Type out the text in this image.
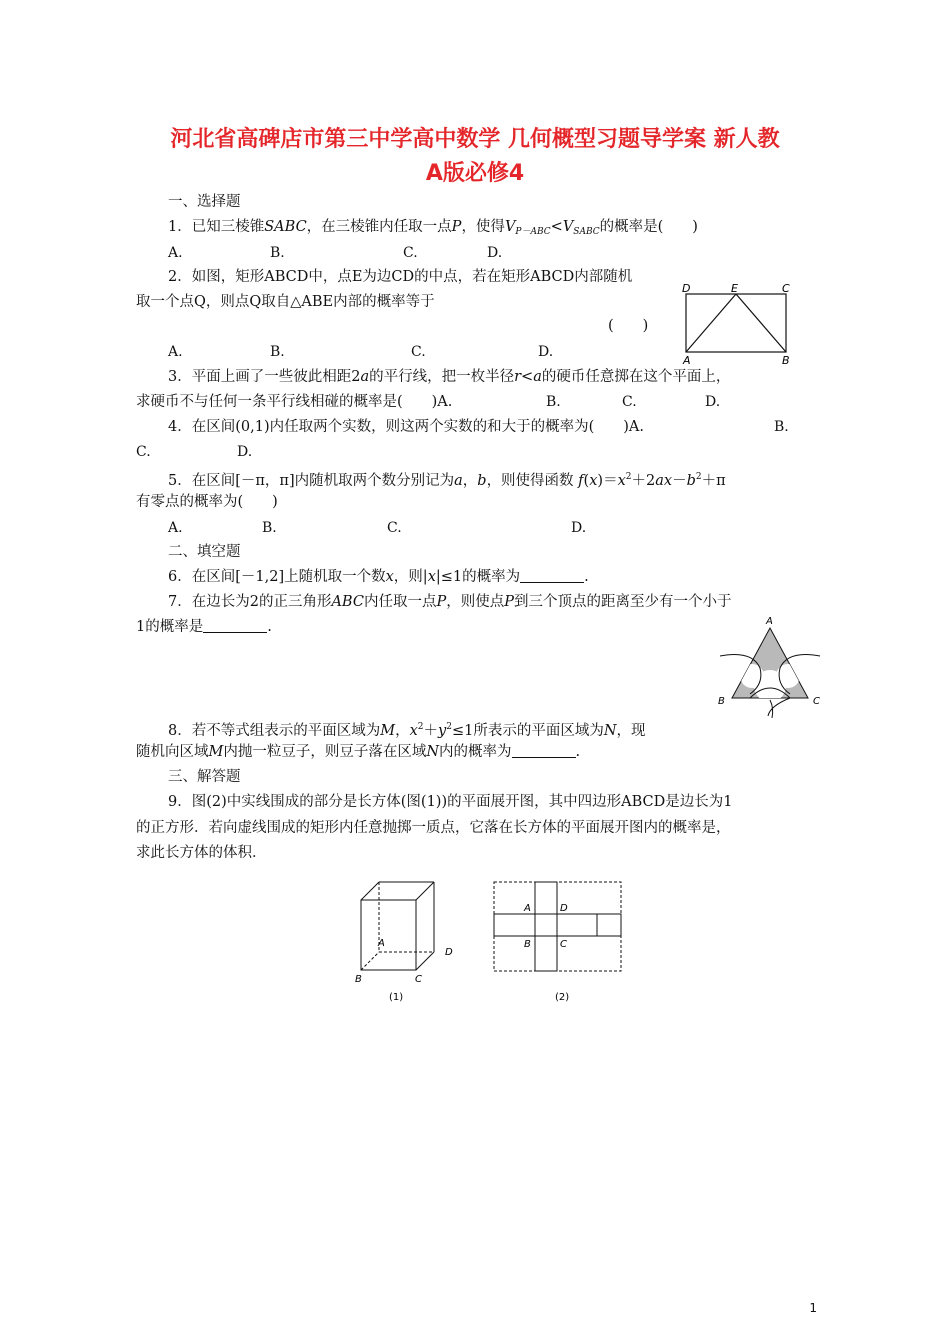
河北省高碑店市第三中学高中数学 几何概型习题导学案 新人教
A版必修4
一、选择题
1．已知三棱锥SABC，在三棱锥内任取一点P，使得$V_{P-ABC}<V_{SABC}$的概率是(　　)
A.	B.	C.	D.
2．如图，矩形ABCD中，点E为边CD的中点，若在矩形ABCD内部随机
取一个点Q，则点Q取自△ABE内部的概率等于
(　　)
A.	B.	C.	D.
D	E	C
A	B
3．平面上画了一些彼此相距2a的平行线，把一枚半径r<a的硬币任意掷在这个平面上，
求硬币不与任何一条平行线相碰的概率是(　　)A.	B.	C.	D.
4．在区间(0,1)内任取两个实数，则这两个实数的和大于的概率为(　　)A.	B.
C.	D.
5．在区间[－π，π]内随机取两个数分别记为a，b，则使得函数 $f(x)=x^2+2ax-b^2+\pi$
有零点的概率为(　　)
A.	B.	C.	D.
二、填空题
6．在区间[－1,2]上随机取一个数x，则|x|≤1的概率为	.
7．在边长为2的正三角形ABC内任取一点P，则使点P到三个顶点的距离至少有一个小于
1的概率是	.	A
B	C
8．若不等式组表示的平面区域为M，$x^2+y^2\le 1$所表示的平面区域为N，现
随机向区域M内抛一粒豆子，则豆子落在区域N内的概率为	.
三、解答题
9．图(2)中实线围成的部分是长方体(图(1))的平面展开图，其中四边形ABCD是边长为1
的正方形．若向虚线围成的矩形内任意抛掷一质点，它落在长方体的平面展开图内的概率是，
求此长方体的体积．
A
D
B	C
(1)
A	D
B	C
(2)
1
